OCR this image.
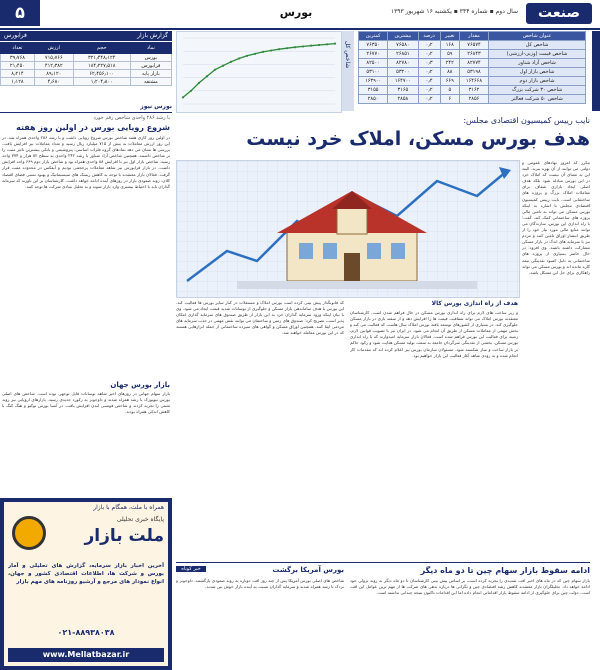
صنعت
سال دوم ▪ شماره ۳۴۴ ▪ یکشنبه ۱۶ شهریور ۱۳۹۳
بورس
۵
عنوان شاخص	مقدار	تغییر	درصد	بیشترین	کمترین
شاخص کل	۷۶۵۷۴	۱۶۸	۰٫۲	۷۶۵۸۰	۷۶۳۵۰
شاخص قیمت (وزنی-ارزشی)	۲۶۸۴۳	۵۹	۰٫۲	۲۶۸۵۱	۲۶۷۷۰
شاخص آزاد شناور	۸۲۷۷۴	۲۴۲	۰٫۳	۸۲۷۸۰	۸۲۵۰۰
شاخص بازار اول	۵۳۱۹۸	۸۸	۰٫۲	۵۳۲۰۰	۵۳۱۰۰
شاخص بازار دوم	۱۶۴۶۶۸	۶۶۹	۰٫۴	۱۶۴۷۰۰	۱۶۳۹۰۰
شاخص ۳۰ شرکت بزرگ	۳۱۶۲	۵	۰٫۲	۳۱۶۵	۳۱۵۵
شاخص ۵۰ شرکت فعالتر	۲۸۵۶	۶	۰٫۲	۲۸۵۸	۲۸۵۰
شاخص کل
گزارش بازار
فرابورس
نماد	حجم	ارزش	تعداد
بورس	۳۲۱٫۴۴۸٫۱۲۴	۷۱۵٫۷۶۶	۳۹٫۷۶۸
فرابورس	۱۸۴٫۲۲۷٫۵۱۸	۴۱۲٫۳۸۲	۲۱٫۴۵۰
بازار پایه	۶۲٫۴۵۶٫۱۰۰	۸۹٫۱۲۰	۸٫۲۱۴
مشتقه	۱٫۲۰۴٫۸۰۰	۴٫۶۸۰	۱٫۱۲۸
بورس نیوز
با رشد ۲۸۶ واحدی شاخص رقم خورد
شروع رویایی بورس در اولین روز هفته
در اولین روز کاری هفته شاخص بورس شروع رویایی داشت و با رشد ۲۸۶ واحدی همراه شد. در این روز ارزش معاملات به بیش از ۷۱۵ میلیارد ریال رسید و تعداد معاملات نیز افزایش یافت. بررسی ها نشان می دهد نمادهای گروه فلزات اساسی، پتروشیمی و بانکی بیشترین تاثیر مثبت را بر شاخص داشتند. همچنین شاخص آزاد شناور با رشد ۲۴۲ واحدی به سطح ۸۲ هزار و ۷۷۴ واحد رسید. شاخص بازار اول نیز با افزایش ۸۸ واحدی همراه بود و شاخص بازار دوم ۶۶۹ واحد افزایش داشت. در بازار فرابورس نیز شاهد معاملات پرحجمی بودیم و آیفکس در محدوده مثبت قرار گرفت. فعالان بازار معتقدند با توجه به کاهش ریسک های سیستماتیک و بهبود نسبی فضای اقتصاد کلان، روند صعودی بازار در روزهای آینده ادامه خواهد داشت. کارشناسان بر این باورند که سرمایه گذاران باید با احتیاط بیشتری وارد بازار شوند و به تحلیل بنیادی شرکت ها توجه کنند.
بازار بورس جهان
بازار سهام جهانی در روزهای اخیر شاهد نوسانات قابل توجهی بوده است. شاخص های اصلی بورس نیویورک با رشد همراه شدند و داوجونز به رکورد جدیدی رسید. بازارهای اروپایی نیز روند مثبتی را تجربه کردند و شاخص فوتسی لندن افزایش یافت. در آسیا بورس توکیو و هنگ کنگ با کاهش اندکی همراه بودند.
نایب رییس کمیسیون اقتصادی مجلس:
هدف بورس مسکن، املاک خرد نیست
مکرر که امروز نهادهای عمومی و دولتی می توانند از آن بهره ببرند. البته این به معنای آن نیست که املاک خرد در این بورس مبادله شود بلکه هدف اصلی ایجاد بازاری شفاف برای معاملات املاک بزرگ و پروژه های ساختمانی است. نایب رییس کمیسیون اقتصادی مجلس با اشاره به اینکه بورس مسکن می تواند به تامین مالی پروژه های ساختمانی کمک کند، گفت: با راه اندازی این بورس، سازندگان می توانند منابع مالی مورد نیاز خود را از طریق انتشار اوراق تامین کنند و مردم نیز با سرمایه های اندک در بازار مسکن مشارکت داشته باشند. وی افزود: در حال حاضر بسیاری از پروژه های ساختمانی به دلیل کمبود نقدینگی نیمه کاره مانده اند و بورس مسکن می تواند راهکاری برای حل این مشکل باشد.
که قانونگذار پیش بینی کرده است بورس املاک و مستغلات در کنار سایر بورس ها فعالیت کند. این بورس با هدف ساماندهی بازار مسکن و جلوگیری از نوسانات شدید قیمت ایجاد می شود. وی با بیان اینکه ورود سرمایه گذاران خرد به این بازار از طریق صندوق های سرمایه گذاری امکان پذیر است، تصریح کرد: صندوق های زمین و ساختمان می توانند نقش مهمی در جذب سرمایه های مردمی ایفا کنند. همچنین اوراق مسکن و گواهی های سپرده ساختمانی از جمله ابزارهایی هستند که در این بورس معامله خواهند شد.
هدف از راه اندازی بورس کالا
و زیر ساخت های لازم برای راه اندازی بورس مسکن در حال فراهم شدن است. کارشناسان معتقدند بورس املاک می تواند شفافیت قیمت ها را افزایش دهد و از سفته بازی در بازار مسکن جلوگیری کند. در بسیاری از کشورهای توسعه یافته بورس املاک سال هاست که فعالیت می کند و بخش مهمی از معاملات مسکن از طریق آن انجام می شود. در ایران نیز با تصویب قوانین لازم، زمینه برای فعالیت این بورس فراهم شده است. فعالان بازار سرمایه امیدوارند که با راه اندازی بورس مسکن، بخشی از نقدینگی سرگردان جامعه به سمت تولید مسکن هدایت شود و رکود حاکم بر بازار ساخت و ساز شکسته شود. مسئولان سازمان بورس نیز اعلام کرده اند که مقدمات کار انجام شده و به زودی شاهد آغاز فعالیت این بازار خواهیم بود.
ادامه سقوط بازار سهام چین تا دو ماه دیگر
بازار سهام چین که در ماه های اخیر افت شدیدی را تجربه کرده است، بر اساس پیش بینی کارشناسان تا دو ماه دیگر به روند نزولی خود ادامه خواهد داد. تحلیلگران بازار معتقدند کاهش رشد اقتصادی چین و نگرانی ها درباره بدهی های شرکت ها از مهم ترین عوامل این افت است. دولت چین برای جلوگیری از ادامه سقوط بازار اقداماتی انجام داده اما این اقدامات تاکنون نتیجه چندانی نداشته است.
خبر کوتاه	بورس آمریکا برگشت
شاخص های اصلی بورس آمریکا پس از چند روز افت دوباره به روند صعودی بازگشتند. داوجونز و نزدک با رشد همراه شدند و سرمایه گذاران نسبت به آینده بازار خوش بین شدند.
همراه با ملت، همگام با بازار
پایگاه خبری تحلیلی
ملت بازار
آخرین اخبار بازار سرمایه، گزارش های تحلیلی و آمار بورس و شرکت ها، اطلاعات اقتصادی کشور و جهان، انواع نمودار های مرجع و آرشیو روزنامه های مهم بازار
۰۲۱-۸۸۹۳۸۰۳۸
www.Mellatbazar.ir
